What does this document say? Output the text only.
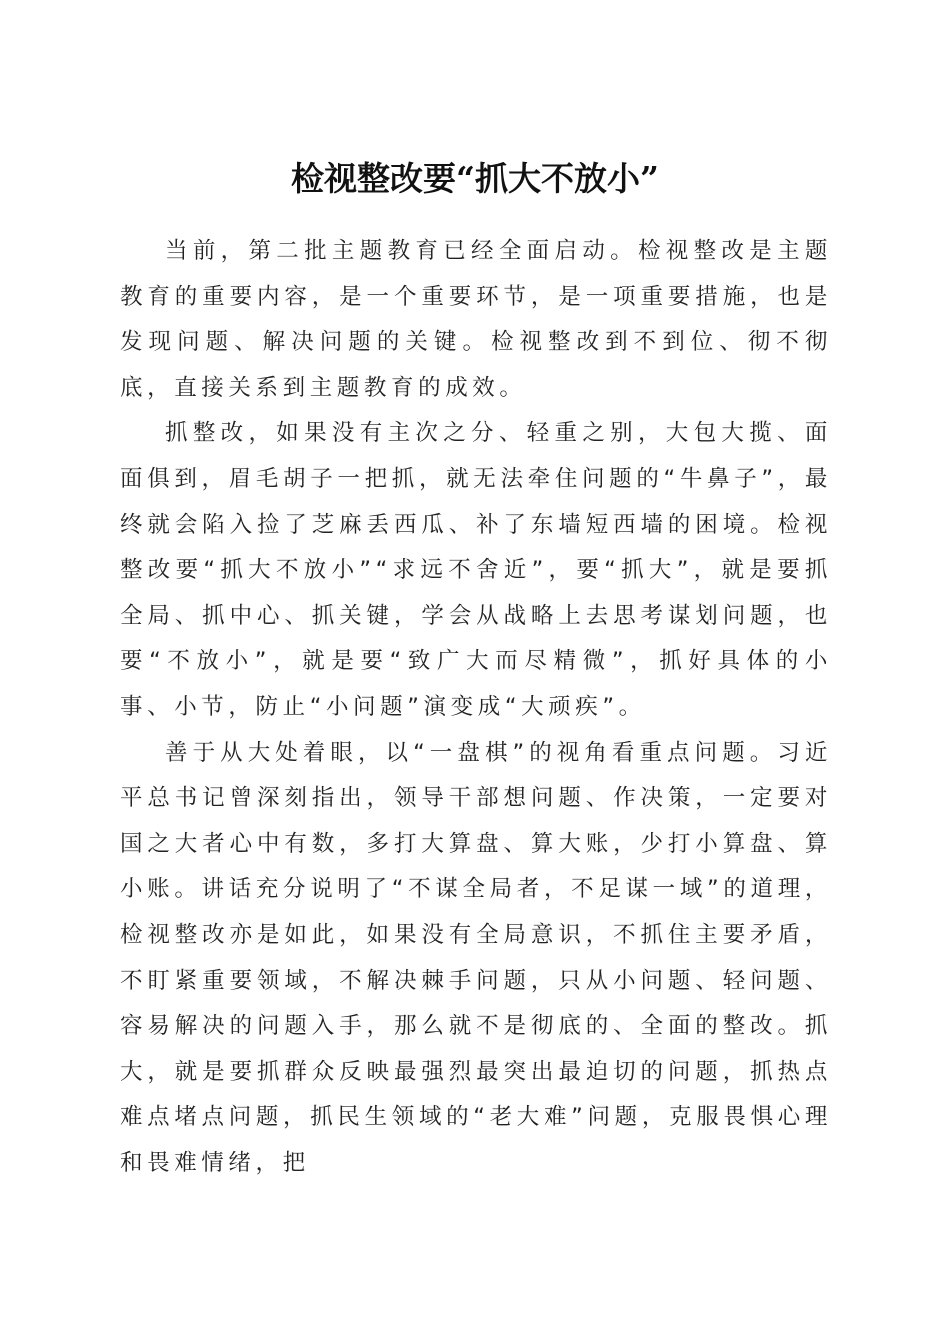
检视整改要“抓大不放小”

当前，第二批主题教育已经全面启动。检视整改是主题教育的重要内容，是一个重要环节，是一项重要措施，也是发现问题、解决问题的关键。检视整改到不到位、彻不彻底，直接关系到主题教育的成效。

抓整改，如果没有主次之分、轻重之别，大包大揽、面面俱到，眉毛胡子一把抓，就无法牵住问题的“牛鼻子”，最终就会陷入捡了芝麻丢西瓜、补了东墙短西墙的困境。检视整改要“抓大不放小”“求远不舍近”，要“抓大”，就是要抓全局、抓中心、抓关键，学会从战略上去思考谋划问题，也要“不放小”，就是要“致广大而尽精微”，抓好具体的小事、小节，防止“小问题”演变成“大顽疾”。

善于从大处着眼，以“一盘棋”的视角看重点问题。习近平总书记曾深刻指出，领导干部想问题、作决策，一定要对国之大者心中有数，多打大算盘、算大账，少打小算盘、算小账。讲话充分说明了“不谋全局者，不足谋一域”的道理，检视整改亦是如此，如果没有全局意识，不抓住主要矛盾，不盯紧重要领域，不解决棘手问题，只从小问题、轻问题、容易解决的问题入手，那么就不是彻底的、全面的整改。抓大，就是要抓群众反映最强烈最突出最迫切的问题，抓热点难点堵点问题，抓民生领域的“老大难”问题，克服畏惧心理和畏难情绪，把
